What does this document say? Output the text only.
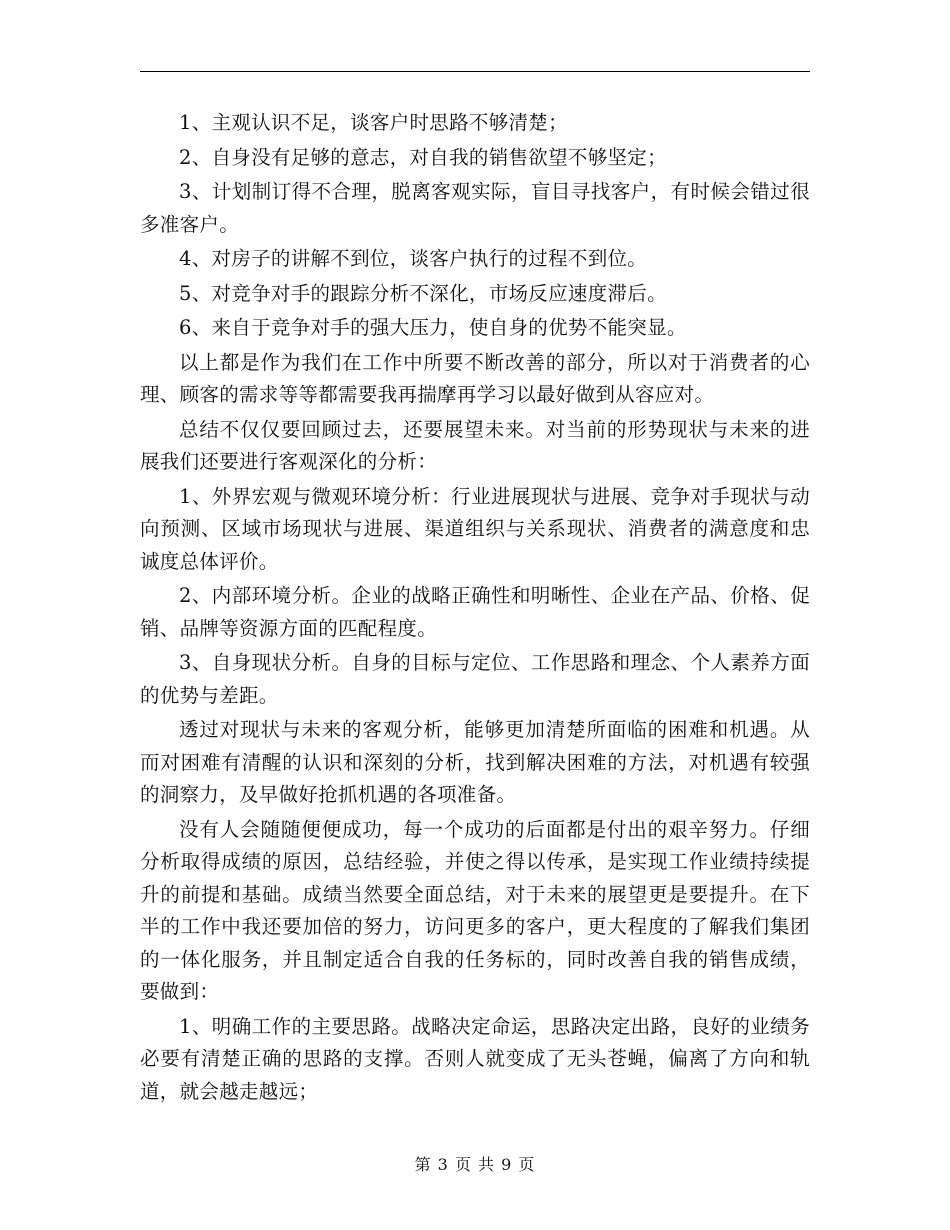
1、主观认识不足，谈客户时思路不够清楚；

2、自身没有足够的意志，对自我的销售欲望不够坚定；

3、计划制订得不合理，脱离客观实际，盲目寻找客户，有时候会错过很多准客户。

4、对房子的讲解不到位，谈客户执行的过程不到位。

5、对竞争对手的跟踪分析不深化，市场反应速度滞后。

6、来自于竞争对手的强大压力，使自身的优势不能突显。

以上都是作为我们在工作中所要不断改善的部分，所以对于消费者的心理、顾客的需求等等都需要我再揣摩再学习以最好做到从容应对。

总结不仅仅要回顾过去，还要展望未来。对当前的形势现状与未来的进展我们还要进行客观深化的分析：

1、外界宏观与微观环境分析：行业进展现状与进展、竞争对手现状与动向预测、区域市场现状与进展、渠道组织与关系现状、消费者的满意度和忠诚度总体评价。

2、内部环境分析。企业的战略正确性和明晰性、企业在产品、价格、促销、品牌等资源方面的匹配程度。

3、自身现状分析。自身的目标与定位、工作思路和理念、个人素养方面的优势与差距。

透过对现状与未来的客观分析，能够更加清楚所面临的困难和机遇。从而对困难有清醒的认识和深刻的分析，找到解决困难的方法，对机遇有较强的洞察力，及早做好抢抓机遇的各项准备。

没有人会随随便便成功，每一个成功的后面都是付出的艰辛努力。仔细分析取得成绩的原因，总结经验，并使之得以传承，是实现工作业绩持续提升的前提和基础。成绩当然要全面总结，对于未来的展望更是要提升。在下半的工作中我还要加倍的努力，访问更多的客户，更大程度的了解我们集团的一体化服务，并且制定适合自我的任务标的，同时改善自我的销售成绩，要做到：

1、明确工作的主要思路。战略决定命运，思路决定出路，良好的业绩务必要有清楚正确的思路的支撑。否则人就变成了无头苍蝇，偏离了方向和轨道，就会越走越远；

第 3 页 共 9 页
